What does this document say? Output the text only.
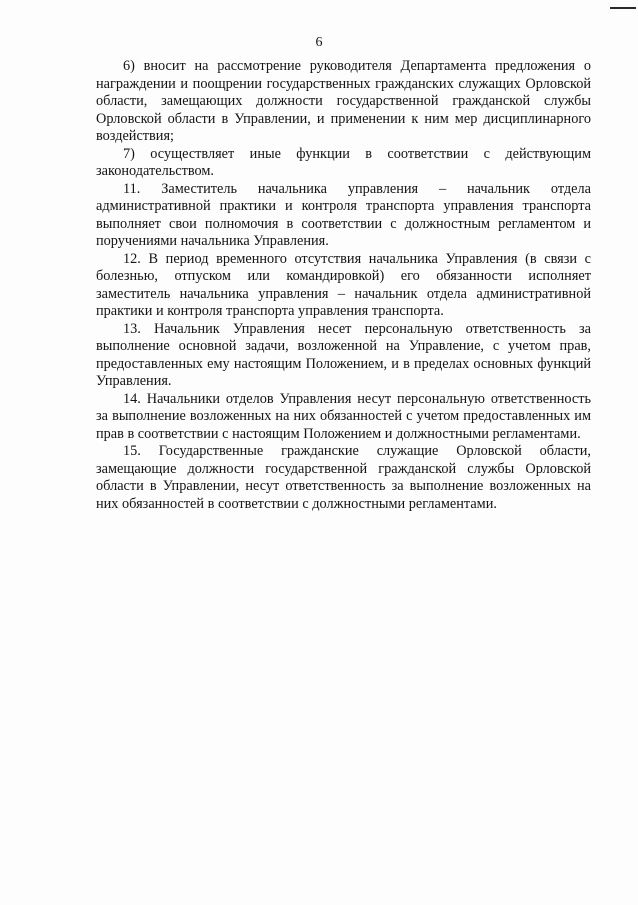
6

6) вносит на рассмотрение руководителя Департамента предложения о награждении и поощрении государственных гражданских служащих Орловской области, замещающих должности государственной гражданской службы Орловской области в Управлении, и применении к ним мер дисциплинарного воздействия;

7) осуществляет иные функции в соответствии с действующим законодательством.

11. Заместитель начальника управления – начальник отдела административной практики и контроля транспорта управления транспорта выполняет свои полномочия в соответствии с должностным регламентом и поручениями начальника Управления.

12. В период временного отсутствия начальника Управления (в связи с болезнью, отпуском или командировкой) его обязанности исполняет заместитель начальника управления – начальник отдела административной практики и контроля транспорта управления транспорта.

13. Начальник Управления несет персональную ответственность за выполнение основной задачи, возложенной на Управление, с учетом прав, предоставленных ему настоящим Положением, и в пределах основных функций Управления.

14. Начальники отделов Управления несут персональную ответственность за выполнение возложенных на них обязанностей с учетом предоставленных им прав в соответствии с настоящим Положением и должностными регламентами.

15. Государственные гражданские служащие Орловской области, замещающие должности государственной гражданской службы Орловской области в Управлении, несут ответственность за выполнение возложенных на них обязанностей в соответствии с должностными регламентами.
